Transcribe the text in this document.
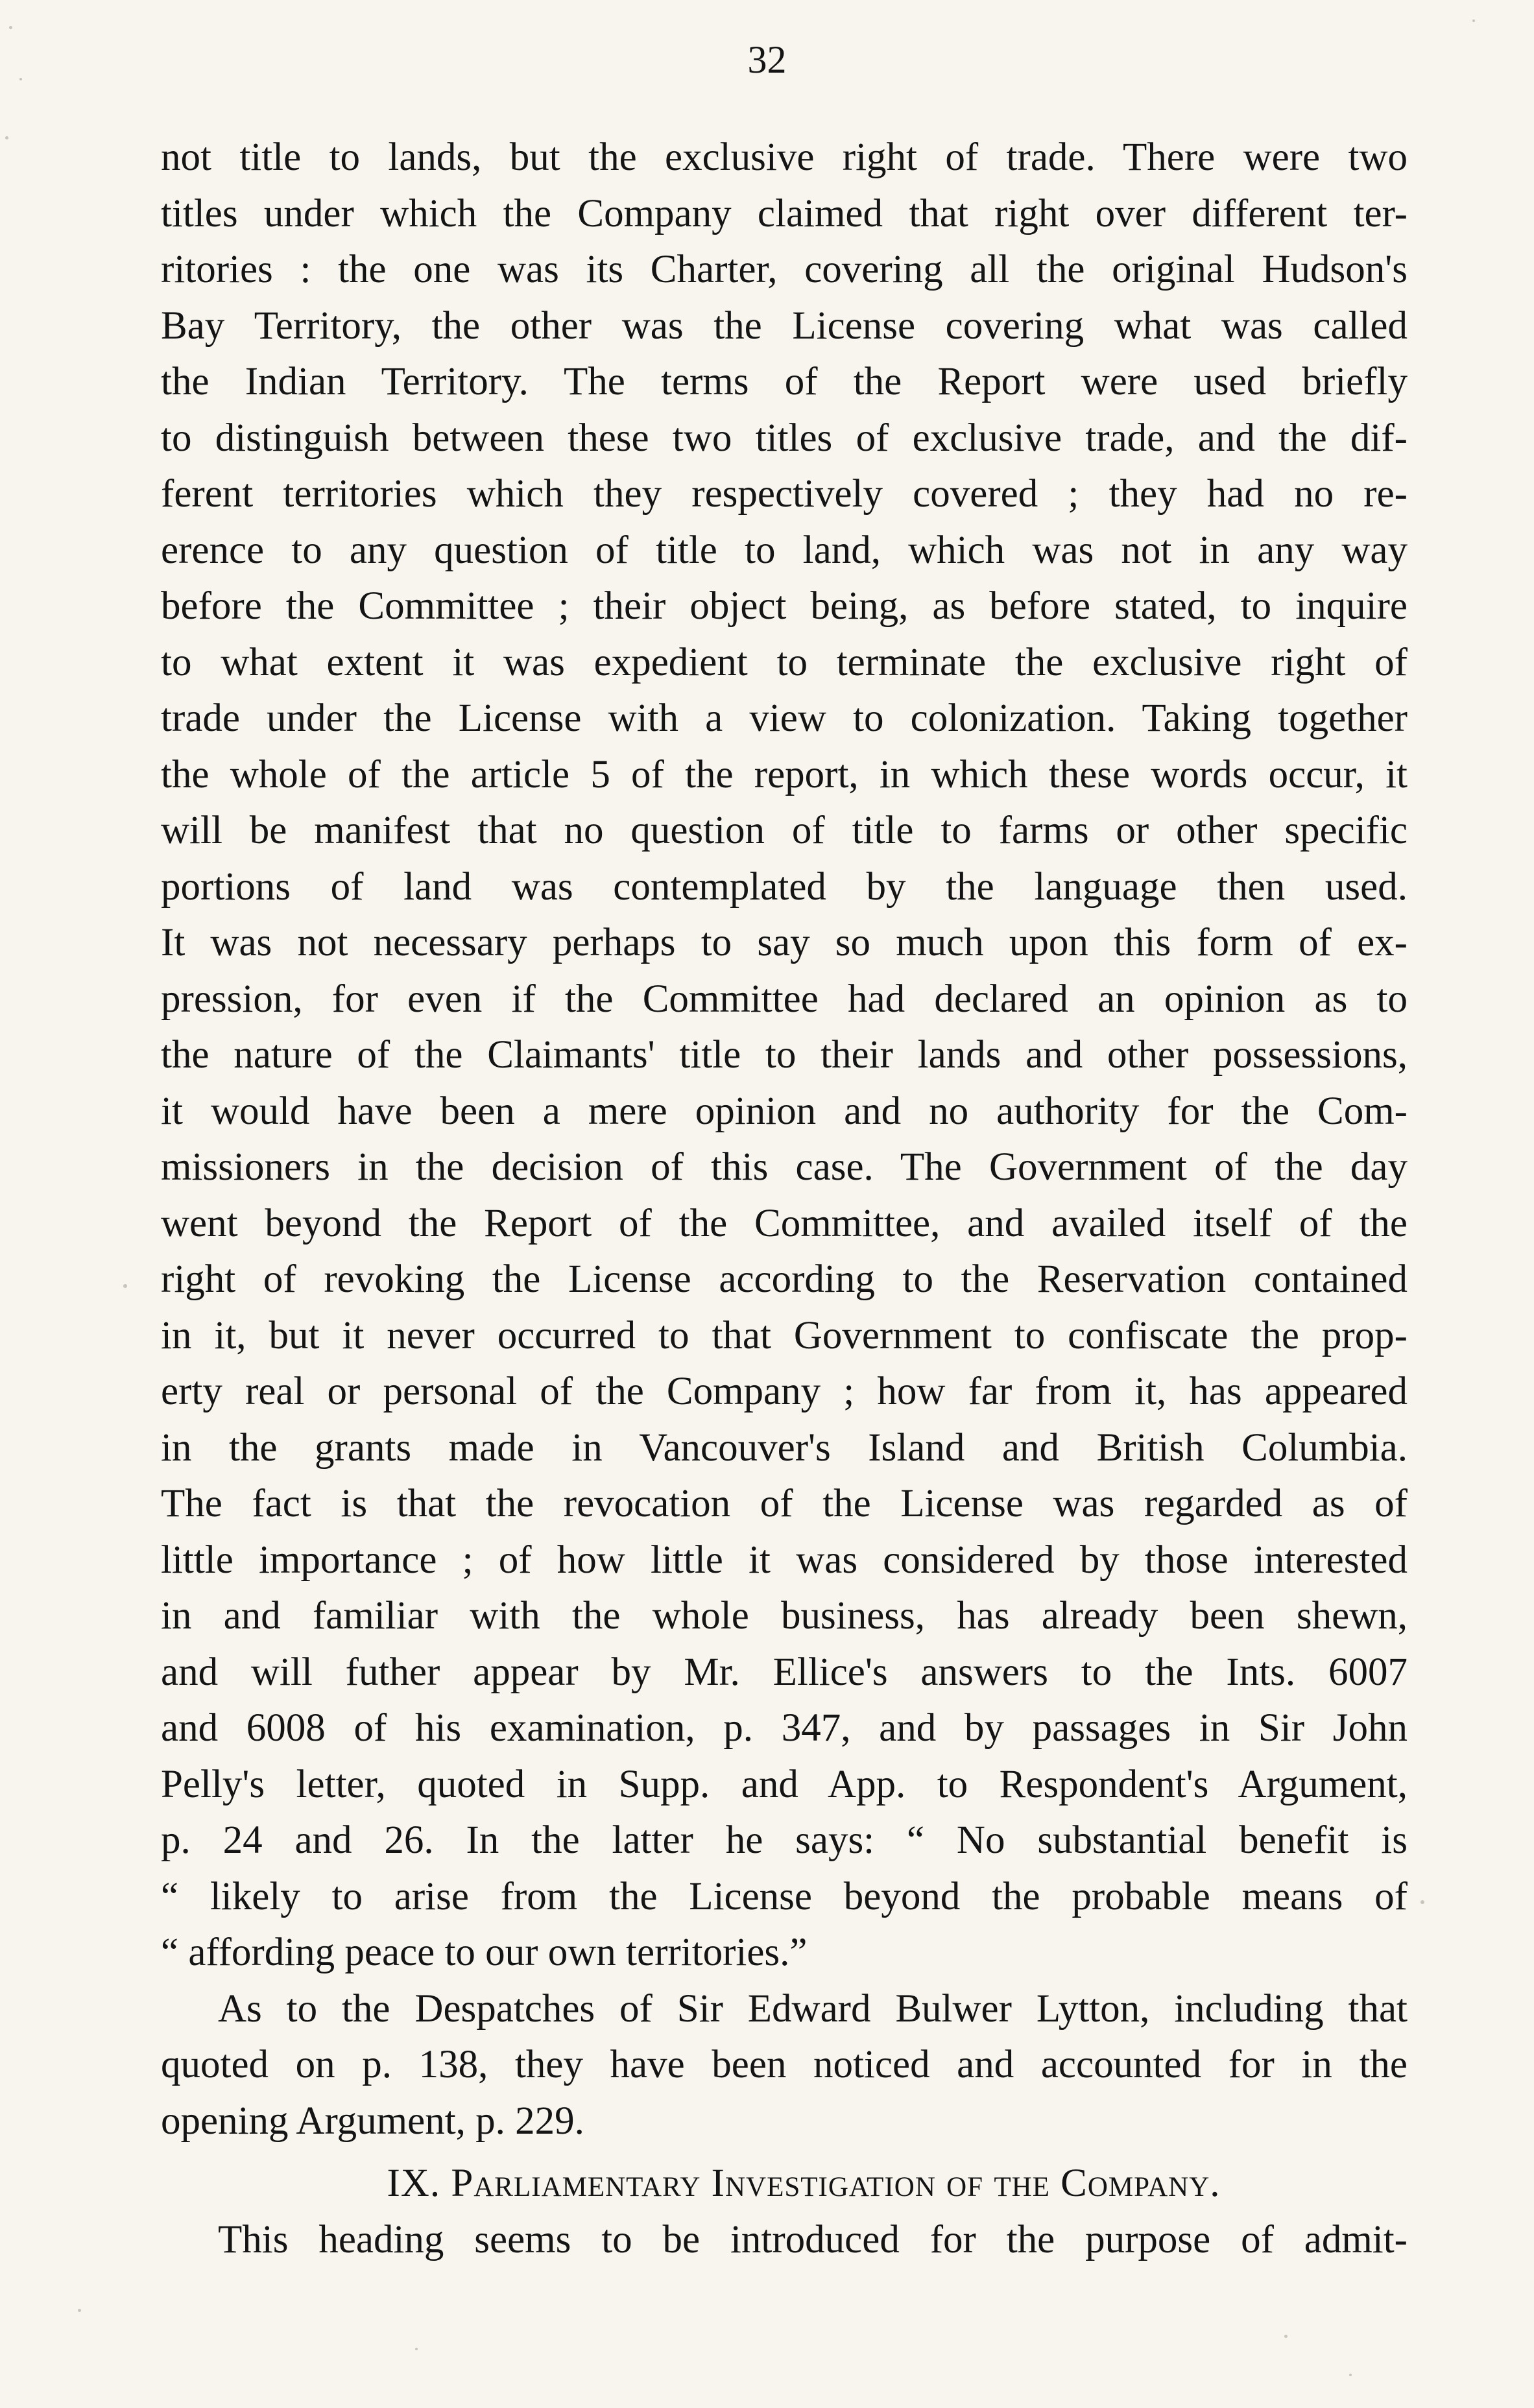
32
not title to lands, but the exclusive right of trade. There were two
titles under which the Company claimed that right over different ter-
ritories : the one was its Charter, covering all the original Hudson's
Bay Territory, the other was the License covering what was called
the Indian Territory. The terms of the Report were used briefly
to distinguish between these two titles of exclusive trade, and the dif-
ferent territories which they respectively covered ; they had no re-
erence to any question of title to land, which was not in any way
before the Committee ; their object being, as before stated, to inquire
to what extent it was expedient to terminate the exclusive right of
trade under the License with a view to colonization. Taking together
the whole of the article 5 of the report, in which these words occur, it
will be manifest that no question of title to farms or other specific
portions of land was contemplated by the language then used.
It was not necessary perhaps to say so much upon this form of ex-
pression, for even if the Committee had declared an opinion as to
the nature of the Claimants' title to their lands and other possessions,
it would have been a mere opinion and no authority for the Com-
missioners in the decision of this case. The Government of the day
went beyond the Report of the Committee, and availed itself of the
right of revoking the License according to the Reservation contained
in it, but it never occurred to that Government to confiscate the prop-
erty real or personal of the Company ; how far from it, has appeared
in the grants made in Vancouver's Island and British Columbia.
The fact is that the revocation of the License was regarded as of
little importance ; of how little it was considered by those interested
in and familiar with the whole business, has already been shewn,
and will futher appear by Mr. Ellice's answers to the Ints. 6007
and 6008 of his examination, p. 347, and by passages in Sir John
Pelly's letter, quoted in Supp. and App. to Respondent's Argument,
p. 24 and 26. In the latter he says: “ No substantial benefit is
“ likely to arise from the License beyond the probable means of
“ affording peace to our own territories.”
As to the Despatches of Sir Edward Bulwer Lytton, including that
quoted on p. 138, they have been noticed and accounted for in the
opening Argument, p. 229.
IX. Parliamentary Investigation of the Company.
This heading seems to be introduced for the purpose of admit-
